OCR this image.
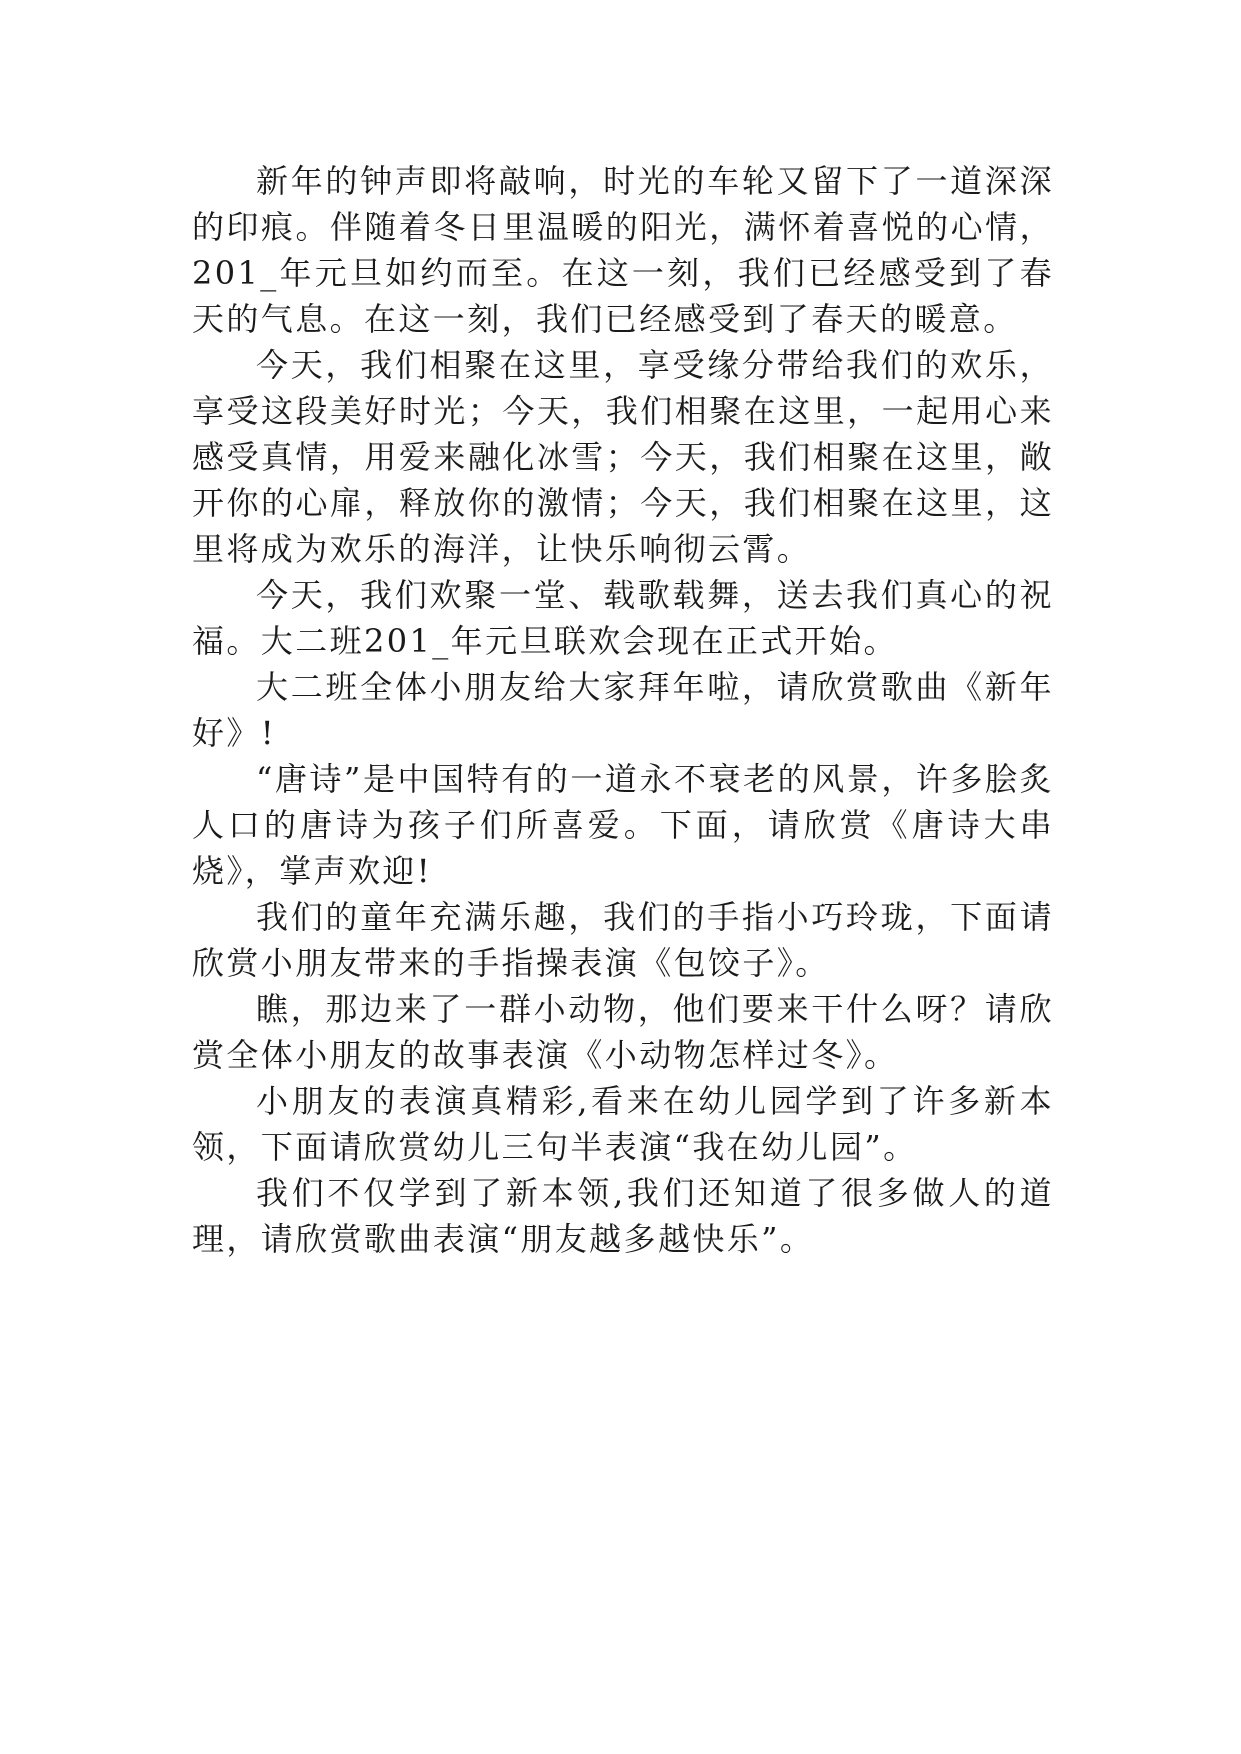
新年的钟声即将敲响，时光的车轮又留下了一道深深的印痕。伴随着冬日里温暖的阳光，满怀着喜悦的心情，201_年元旦如约而至。在这一刻，我们已经感受到了春天的气息。在这一刻，我们已经感受到了春天的暖意。

今天，我们相聚在这里，享受缘分带给我们的欢乐，享受这段美好时光；今天，我们相聚在这里，一起用心来感受真情，用爱来融化冰雪；今天，我们相聚在这里，敞开你的心扉，释放你的激情；今天，我们相聚在这里，这里将成为欢乐的海洋，让快乐响彻云霄。

今天，我们欢聚一堂、载歌载舞，送去我们真心的祝福。大二班201_年元旦联欢会现在正式开始。

大二班全体小朋友给大家拜年啦，请欣赏歌曲《新年好》!

“唐诗”是中国特有的一道永不衰老的风景，许多脍炙人口的唐诗为孩子们所喜爱。下面，请欣赏《唐诗大串烧》，掌声欢迎!

我们的童年充满乐趣，我们的手指小巧玲珑，下面请欣赏小朋友带来的手指操表演《包饺子》。

瞧，那边来了一群小动物，他们要来干什么呀？请欣赏全体小朋友的故事表演《小动物怎样过冬》。

小朋友的表演真精彩,看来在幼儿园学到了许多新本领，下面请欣赏幼儿三句半表演“我在幼儿园”。

我们不仅学到了新本领,我们还知道了很多做人的道理，请欣赏歌曲表演“朋友越多越快乐”。
